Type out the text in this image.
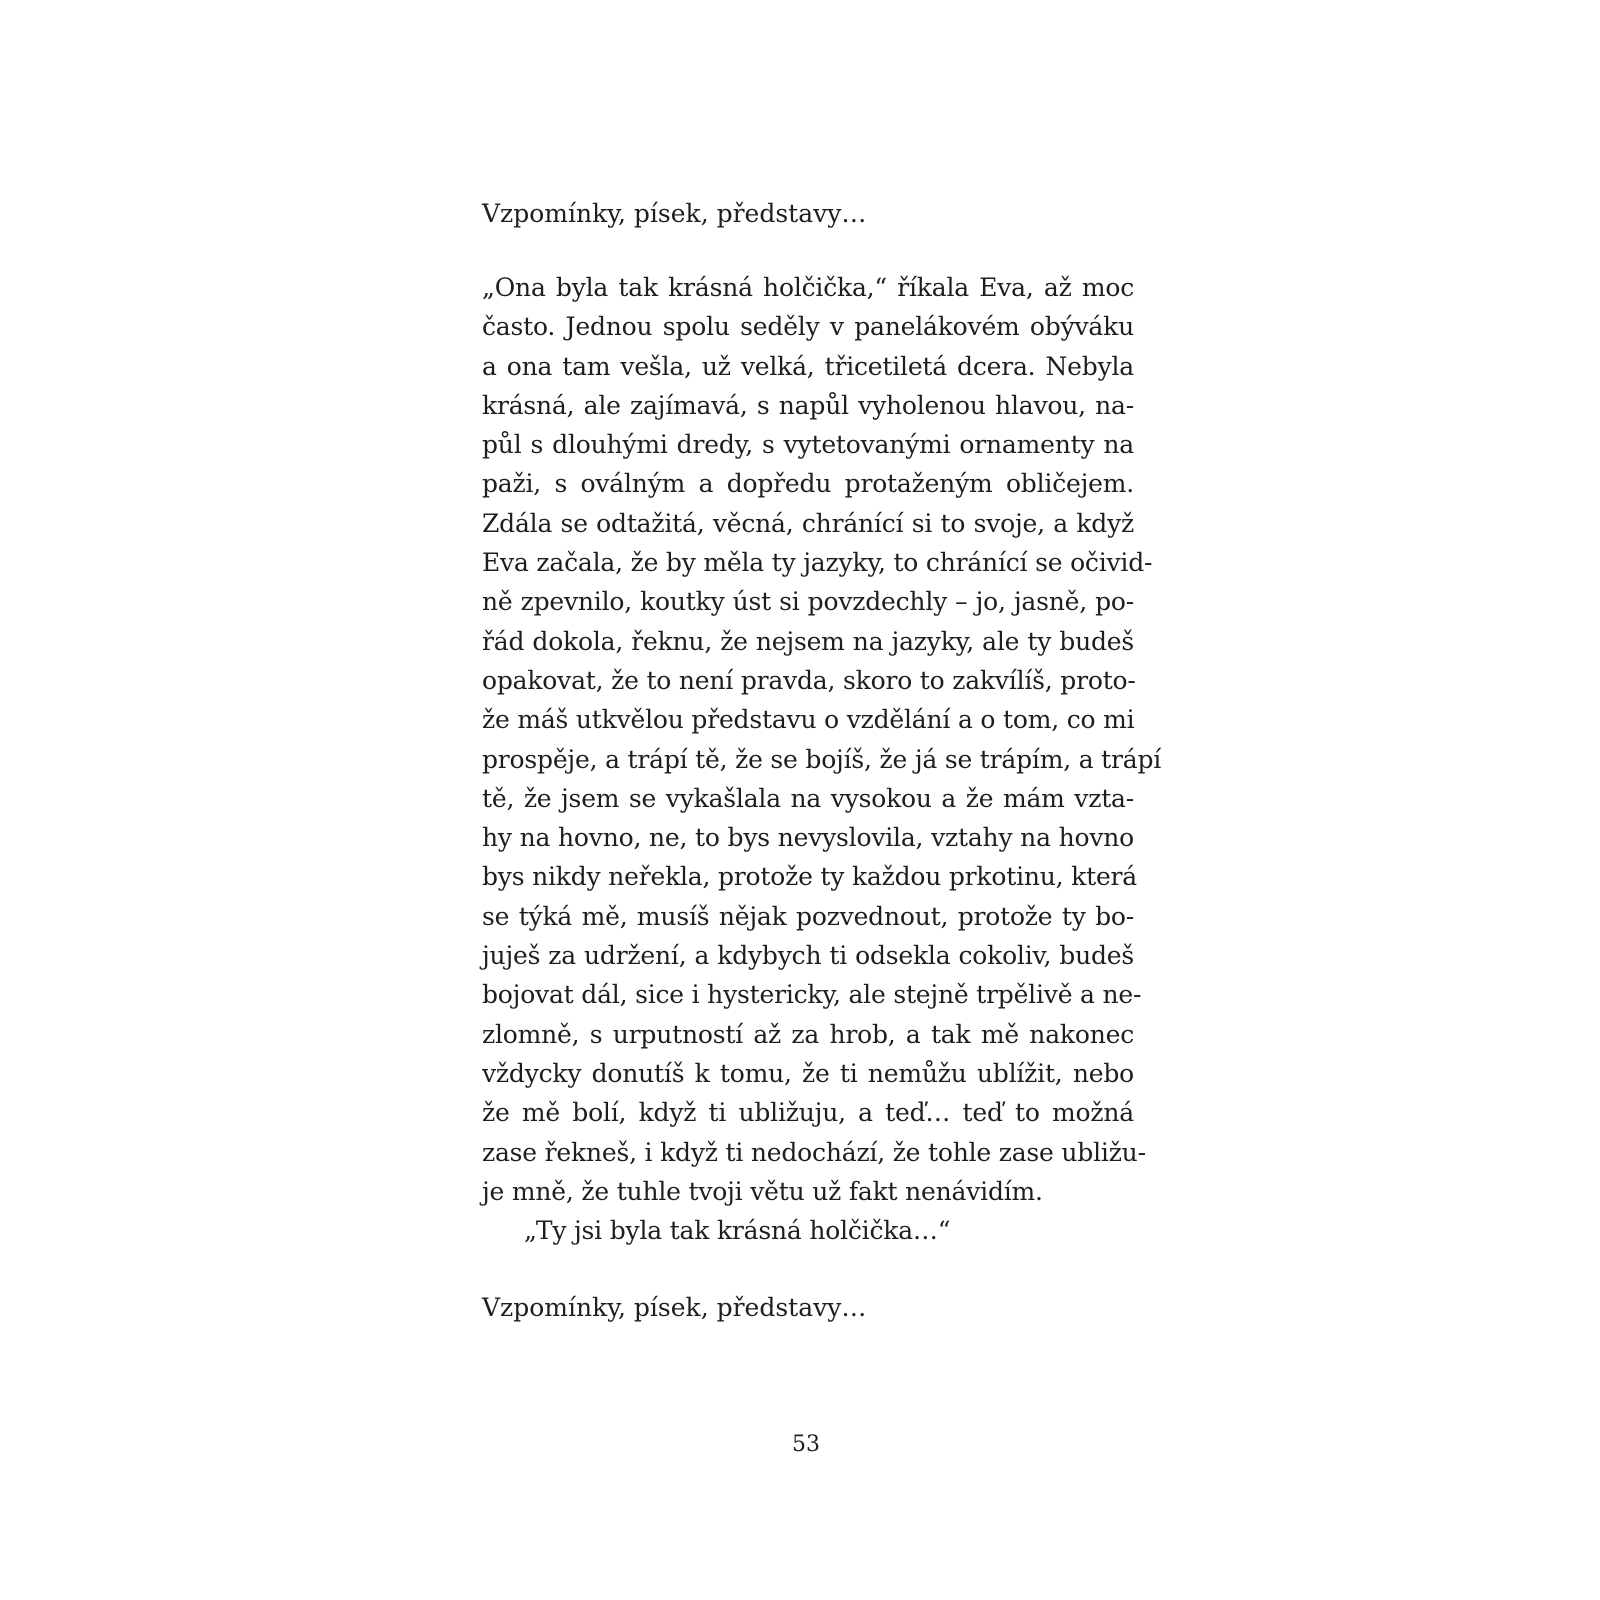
Vzpomínky, písek, představy…
„Ona byla tak krásná holčička,“ říkala Eva, až moc
často. Jednou spolu seděly v panelákovém obýváku
a ona tam vešla, už velká, třicetiletá dcera. Nebyla
krásná, ale zajímavá, s napůl vyholenou hlavou, na-
půl s dlouhými dredy, s vytetovanými ornamenty na
paži, s oválným a dopředu protaženým obličejem.
Zdála se odtažitá, věcná, chránící si to svoje, a když
Eva začala, že by měla ty jazyky, to chránící se očivid-
ně zpevnilo, koutky úst si povzdechly – jo, jasně, po-
řád dokola, řeknu, že nejsem na jazyky, ale ty budeš
opakovat, že to není pravda, skoro to zakvílíš, proto-
že máš utkvělou představu o vzdělání a o tom, co mi
prospěje, a trápí tě, že se bojíš, že já se trápím, a trápí
tě, že jsem se vykašlala na vysokou a že mám vzta-
hy na hovno, ne, to bys nevyslovila, vztahy na hovno
bys nikdy neřekla, protože ty každou prkotinu, která
se týká mě, musíš nějak pozvednout, protože ty bo-
juješ za udržení, a kdybych ti odsekla cokoliv, budeš
bojovat dál, sice i hystericky, ale stejně trpělivě a ne-
zlomně, s urputností až za hrob, a tak mě nakonec
vždycky donutíš k tomu, že ti nemůžu ublížit, nebo
že mě bolí, když ti ubližuju, a teď… teď to možná
zase řekneš, i když ti nedochází, že tohle zase ubližu-
je mně, že tuhle tvoji větu už fakt nenávidím.
„Ty jsi byla tak krásná holčička…“
Vzpomínky, písek, představy…
53
